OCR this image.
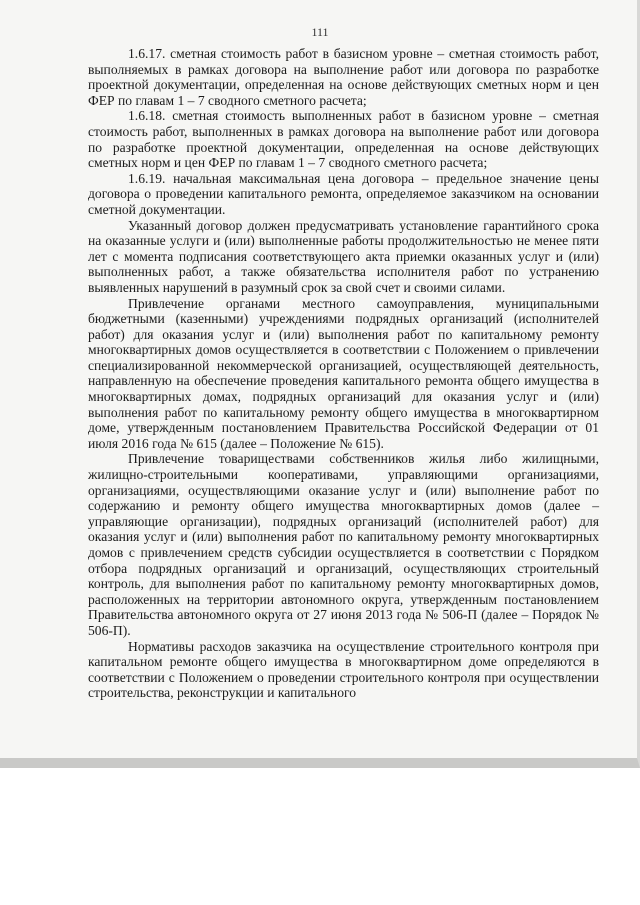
111

1.6.17. сметная стоимость работ в базисном уровне – сметная стоимость работ, выполняемых в рамках договора на выполнение работ или договора по разработке проектной документации, определенная на основе действующих сметных норм и цен ФЕР по главам 1 – 7 сводного сметного расчета;

1.6.18. сметная стоимость выполненных работ в базисном уровне – сметная стоимость работ, выполненных в рамках договора на выполнение работ или договора по разработке проектной документации, определенная на основе действующих сметных норм и цен ФЕР по главам 1 – 7 сводного сметного расчета;

1.6.19. начальная максимальная цена договора – предельное значение цены договора о проведении капитального ремонта, определяемое заказчиком на основании сметной документации.

Указанный договор должен предусматривать установление гарантийного срока на оказанные услуги и (или) выполненные работы продолжительностью не менее пяти лет с момента подписания соответствующего акта приемки оказанных услуг и (или) выполненных работ, а также обязательства исполнителя работ по устранению выявленных нарушений в разумный срок за свой счет и своими силами.

Привлечение органами местного самоуправления, муниципальными бюджетными (казенными) учреждениями подрядных организаций (исполнителей работ) для оказания услуг и (или) выполнения работ по капитальному ремонту многоквартирных домов осуществляется в соответствии с Положением о привлечении специализированной некоммерческой организацией, осуществляющей деятельность, направленную на обеспечение проведения капитального ремонта общего имущества в многоквартирных домах, подрядных организаций для оказания услуг и (или) выполнения работ по капитальному ремонту общего имущества в многоквартирном доме, утвержденным постановлением Правительства Российской Федерации от 01 июля 2016 года № 615 (далее – Положение № 615).

Привлечение товариществами собственников жилья либо жилищными, жилищно-строительными кооперативами, управляющими организациями, организациями, осуществляющими оказание услуг и (или) выполнение работ по содержанию и ремонту общего имущества многоквартирных домов (далее – управляющие организации), подрядных организаций (исполнителей работ) для оказания услуг и (или) выполнения работ по капитальному ремонту многоквартирных домов с привлечением средств субсидии осуществляется в соответствии с Порядком отбора подрядных организаций и организаций, осуществляющих строительный контроль, для выполнения работ по капитальному ремонту многоквартирных домов, расположенных на территории автономного округа, утвержденным постановлением Правительства автономного округа от 27 июня 2013 года № 506-П (далее – Порядок № 506-П).

Нормативы расходов заказчика на осуществление строительного контроля при капитальном ремонте общего имущества в многоквартирном доме определяются в соответствии с Положением о проведении строительного контроля при осуществлении строительства, реконструкции и капитального
